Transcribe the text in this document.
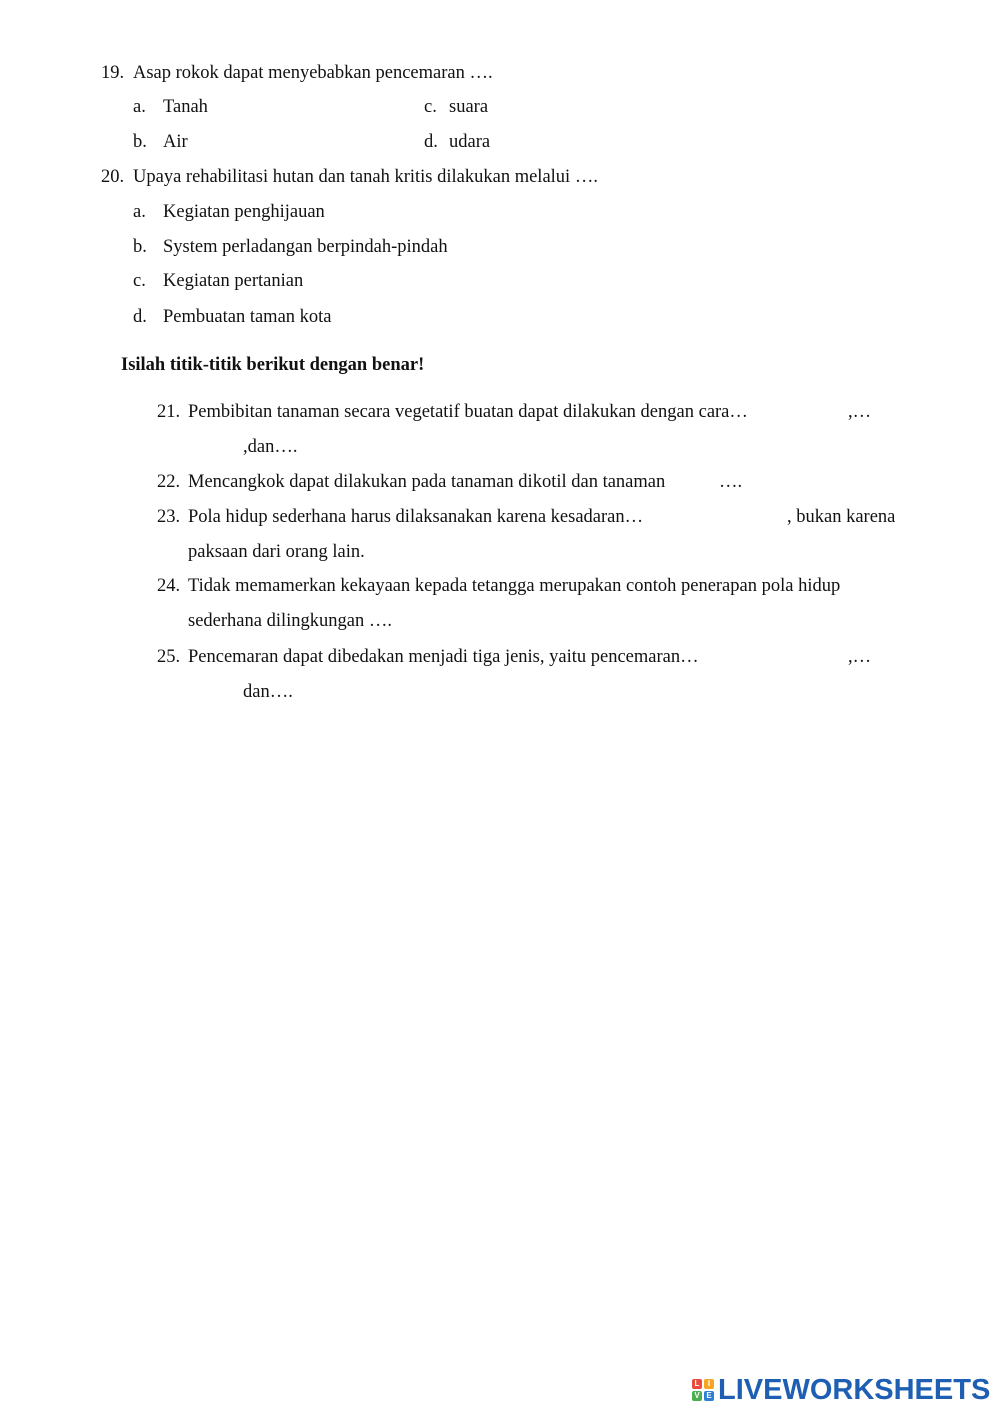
19. Asap rokok dapat menyebabkan pencemaran ….
a. Tanah	c. suara
b. Air	d. udara
20. Upaya rehabilitasi hutan dan tanah kritis dilakukan melalui ….
a. Kegiatan penghijauan
b. System perladangan berpindah-pindah
c. Kegiatan pertanian
d. Pembuatan taman kota
Isilah titik-titik berikut dengan benar!
21. Pembibitan tanaman secara vegetatif buatan dapat dilakukan dengan cara…	,…
,dan….
22. Mencangkok dapat dilakukan pada tanaman dikotil dan tanaman	….
23. Pola hidup sederhana harus dilaksanakan karena kesadaran…	, bukan karena
paksaan dari orang lain.
24. Tidak memamerkan kekayaan kepada tetangga merupakan contoh penerapan pola hidup
sederhana dilingkungan ….
25. Pencemaran dapat dibedakan menjadi tiga jenis, yaitu pencemaran…	,…
dan….
L	I
V E LIVEWORKSHEETS
